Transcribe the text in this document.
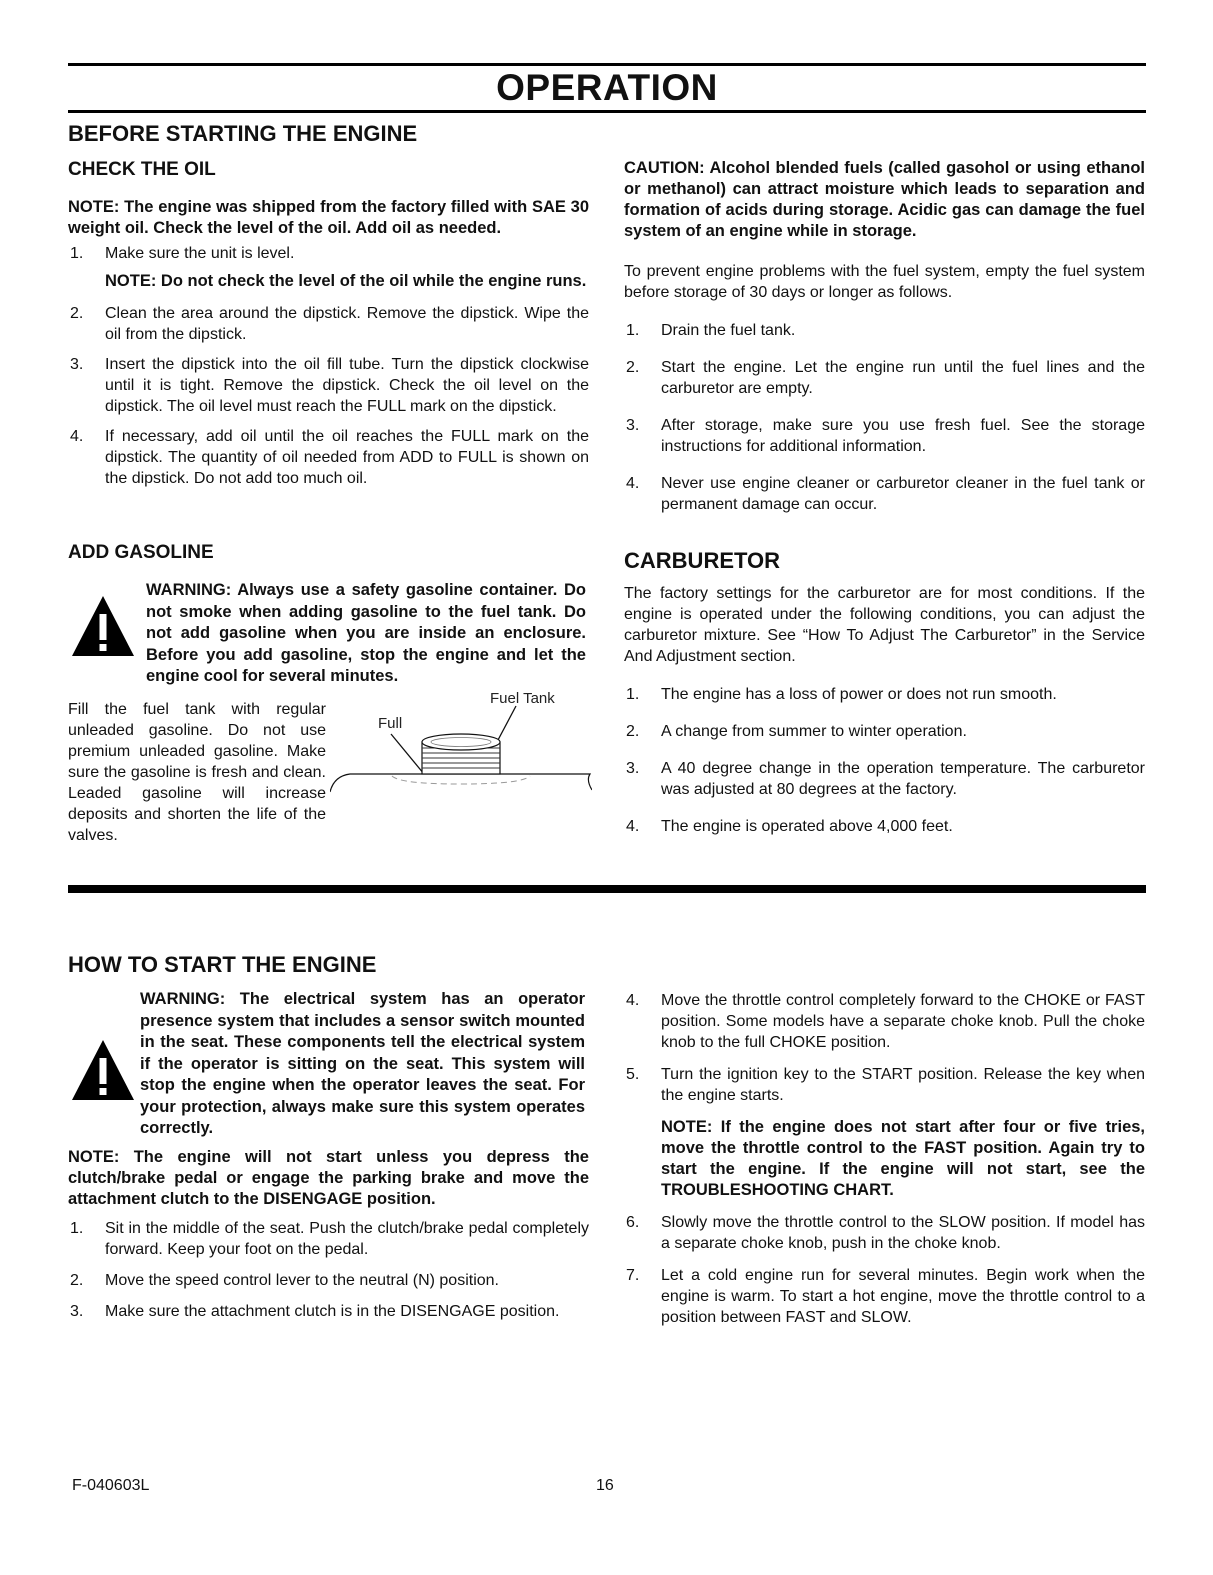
OPERATION
BEFORE STARTING THE ENGINE
CHECK THE OIL

NOTE: The engine was shipped from the factory filled with SAE 30 weight oil. Check the level of the oil. Add oil as needed.

1. Make sure the unit is level.

NOTE: Do not check the level of the oil while the engine runs.

2. Clean the area around the dipstick. Remove the dipstick. Wipe the oil from the dipstick.
3. Insert the dipstick into the oil fill tube. Turn the dipstick clockwise until it is tight. Remove the dipstick. Check the oil level on the dipstick. The oil level must reach the FULL mark on the dipstick.
4. If necessary, add oil until the oil reaches the FULL mark on the dipstick. The quantity of oil needed from ADD to FULL is shown on the dipstick. Do not add too much oil.
ADD GASOLINE
WARNING: Always use a safety gasoline container. Do not smoke when adding gasoline to the fuel tank. Do not add gasoline when you are inside an enclosure. Before you add gasoline, stop the engine and let the engine cool for several minutes.
Fill the fuel tank with regular unleaded gasoline. Do not use premium unleaded gasoline. Make sure the gasoline is fresh and clean. Leaded gasoline will increase deposits and shorten the life of the valves.
Fuel Tank
Full

CAUTION: Alcohol blended fuels (called gasohol or using ethanol or methanol) can attract moisture which leads to separation and formation of acids during storage. Acidic gas can damage the fuel system of an engine while in storage.

To prevent engine problems with the fuel system, empty the fuel system before storage of 30 days or longer as follows.

1. Drain the fuel tank.
2. Start the engine. Let the engine run until the fuel lines and the carburetor are empty.
3. After storage, make sure you use fresh fuel. See the storage instructions for additional information.
4. Never use engine cleaner or carburetor cleaner in the fuel tank or permanent damage can occur.
CARBURETOR

The factory settings for the carburetor are for most conditions. If the engine is operated under the following conditions, you can adjust the carburetor mixture. See “How To Adjust The Carburetor” in the Service And Adjustment section.

1. The engine has a loss of power or does not run smooth.
2. A change from summer to winter operation.
3. A 40 degree change in the operation temperature. The carburetor was adjusted at 80 degrees at the factory.
4. The engine is operated above 4,000 feet.
HOW TO START THE ENGINE
WARNING: The electrical system has an operator presence system that includes a sensor switch mounted in the seat. These components tell the electrical system if the operator is sitting on the seat. This system will stop the engine when the operator leaves the seat. For your protection, always make sure this system operates correctly.

NOTE: The engine will not start unless you depress the clutch/brake pedal or engage the parking brake and move the attachment clutch to the DISENGAGE position.

1. Sit in the middle of the seat. Push the clutch/brake pedal completely forward. Keep your foot on the pedal.
2. Move the speed control lever to the neutral (N) position.
3. Make sure the attachment clutch is in the DISENGAGE position.
4. Move the throttle control completely forward to the CHOKE or FAST position. Some models have a separate choke knob. Pull the choke knob to the full CHOKE position.
5. Turn the ignition key to the START position. Release the key when the engine starts.

NOTE: If the engine does not start after four or five tries, move the throttle control to the FAST position. Again try to start the engine. If the engine will not start, see the TROUBLESHOOTING CHART.

6. Slowly move the throttle control to the SLOW position. If model has a separate choke knob, push in the choke knob.
7. Let a cold engine run for several minutes. Begin work when the engine is warm. To start a hot engine, move the throttle control to a position between FAST and SLOW.
F-040603L	16
